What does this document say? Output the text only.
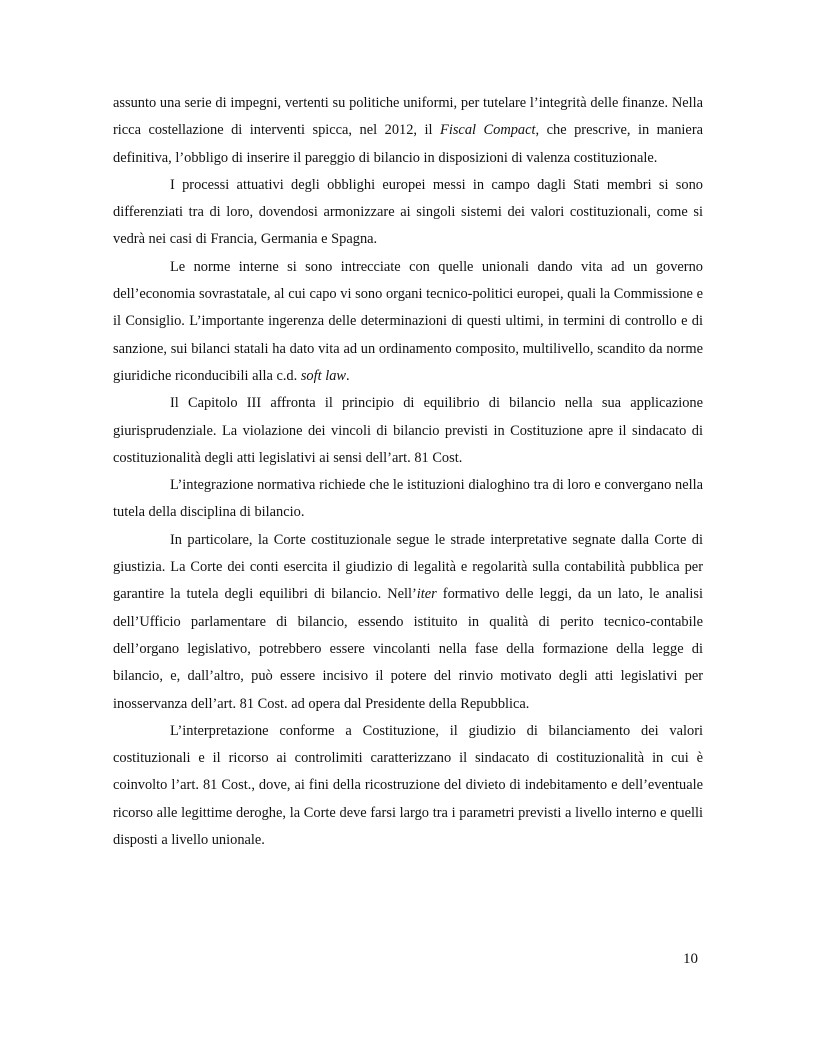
assunto una serie di impegni, vertenti su politiche uniformi, per tutelare l’integrità delle finanze. Nella ricca costellazione di interventi spicca, nel 2012, il Fiscal Compact, che prescrive, in maniera definitiva, l’obbligo di inserire il pareggio di bilancio in disposizioni di valenza costituzionale.

I processi attuativi degli obblighi europei messi in campo dagli Stati membri si sono differenziati tra di loro, dovendosi armonizzare ai singoli sistemi dei valori costituzionali, come si vedrà nei casi di Francia, Germania e Spagna.

Le norme interne si sono intrecciate con quelle unionali dando vita ad un governo dell’economia sovrastatale, al cui capo vi sono organi tecnico-politici europei, quali la Commissione e il Consiglio. L’importante ingerenza delle determinazioni di questi ultimi, in termini di controllo e di sanzione, sui bilanci statali ha dato vita ad un ordinamento composito, multilivello, scandito da norme giuridiche riconducibili alla c.d. soft law.

Il Capitolo III affronta il principio di equilibrio di bilancio nella sua applicazione giurisprudenziale. La violazione dei vincoli di bilancio previsti in Costituzione apre il sindacato di costituzionalità degli atti legislativi ai sensi dell’art. 81 Cost.

L’integrazione normativa richiede che le istituzioni dialoghino tra di loro e convergano nella tutela della disciplina di bilancio.

In particolare, la Corte costituzionale segue le strade interpretative segnate dalla Corte di giustizia. La Corte dei conti esercita il giudizio di legalità e regolarità sulla contabilità pubblica per garantire la tutela degli equilibri di bilancio. Nell’iter formativo delle leggi, da un lato, le analisi dell’Ufficio parlamentare di bilancio, essendo istituito in qualità di perito tecnico-contabile dell’organo legislativo, potrebbero essere vincolanti nella fase della formazione della legge di bilancio, e, dall’altro, può essere incisivo il potere del rinvio motivato degli atti legislativi per inosservanza dell’art. 81 Cost. ad opera dal Presidente della Repubblica.

L’interpretazione conforme a Costituzione, il giudizio di bilanciamento dei valori costituzionali e il ricorso ai controlimiti caratterizzano il sindacato di costituzionalità in cui è coinvolto l’art. 81 Cost., dove, ai fini della ricostruzione del divieto di indebitamento e dell’eventuale ricorso alle legittime deroghe, la Corte deve farsi largo tra i parametri previsti a livello interno e quelli disposti a livello unionale.

10
